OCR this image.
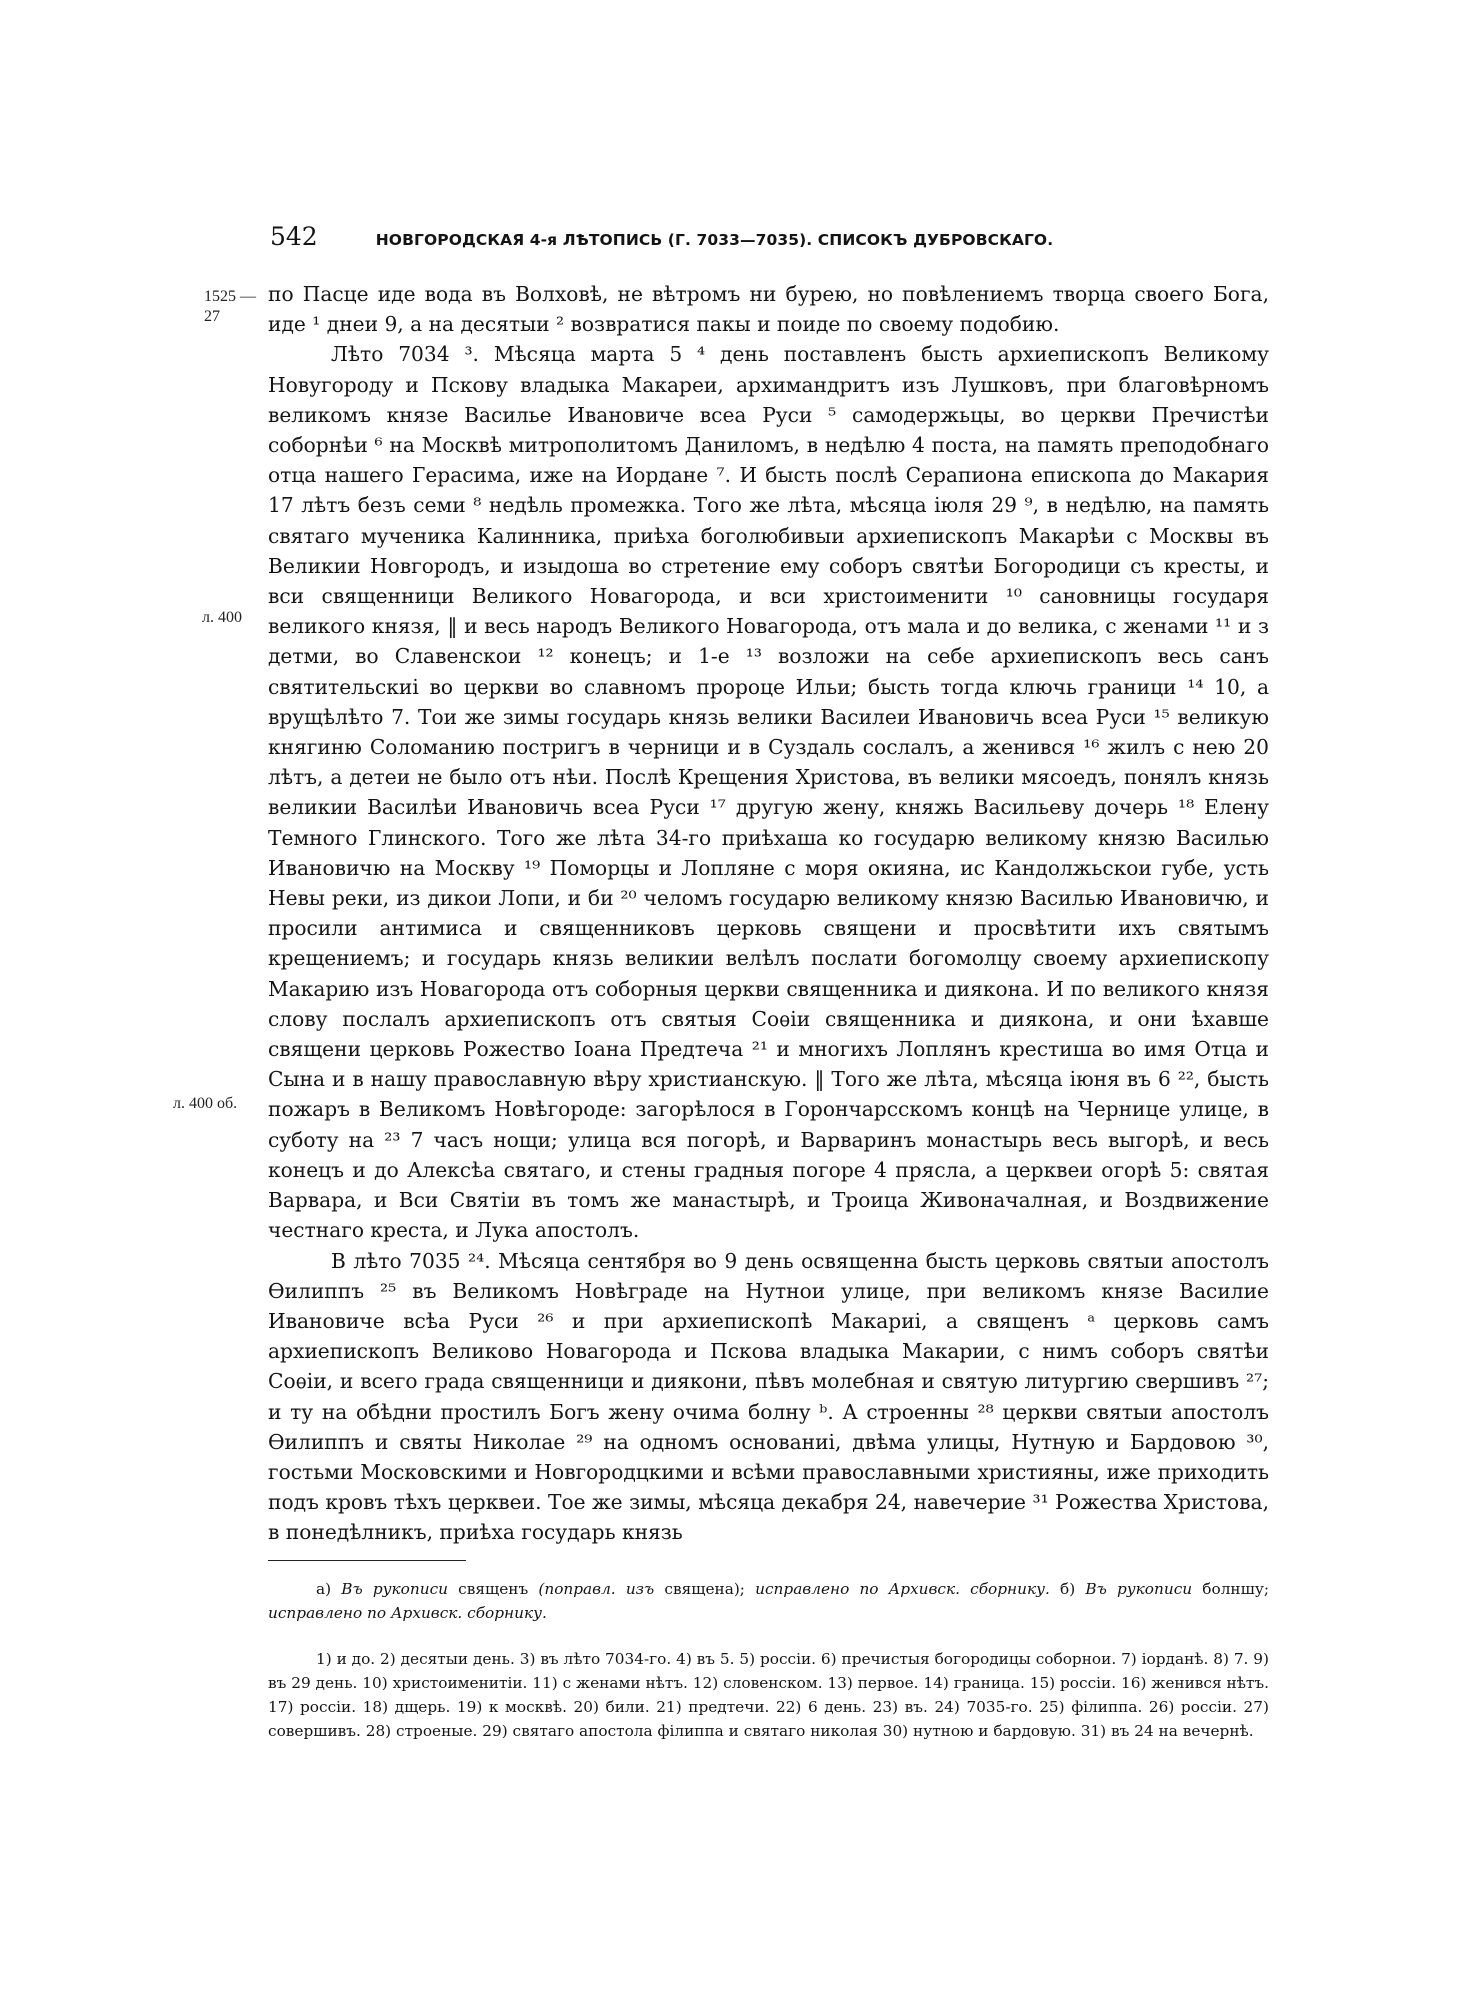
542	НОВГОРОДСКАЯ 4-я ЛѢТОПИСЬ (Г. 7033—7035). СПИСОКЪ ДУБРОВСКАГО.
1525 —27
л. 400
л. 400 об.

по Пасце иде вода въ Волховѣ, не вѣтромъ ни бурею, но повѣлениемъ творца своего Бога, иде ¹ днеи 9, а на десятыи ² возвратися пакы и поиде по своему подобию.

Лѣто 7034 ³. Мѣсяца марта 5 ⁴ день поставленъ бысть архиепископъ Великому Новугороду и Пскову владыка Макареи, архимандритъ изъ Лушковъ, при благовѣрномъ великомъ князе Василье Ивановиче всеа Руси ⁵ самодержьцы, во церкви Пречистѣи соборнѣи ⁶ на Москвѣ митрополитомъ Даниломъ, в недѣлю 4 поста, на память преподобнаго отца нашего Герасима, иже на Иордане ⁷. И бысть послѣ Серапиона епископа до Макария 17 лѣтъ безъ семи ⁸ недѣль промежка. Того же лѣта, мѣсяца iюля 29 ⁹, в недѣлю, на память святаго мученика Калинника, приѣха боголюбивыи архиепископъ Макарѣи с Москвы въ Великии Новгородъ, и изыдоша во стретение ему соборъ святѣи Богородици съ кресты, и вси священници Великого Новагорода, и вси христоименити ¹⁰ сановницы государя великого князя, ‖ и весь народъ Великого Новагорода, отъ мала и до велика, с женами ¹¹ и з детми, во Славенскои ¹² конецъ; и 1-е ¹³ возложи на себе архиепископъ весь санъ святительскиi во церкви во славномъ пророце Ильи; бысть тогда ключь граници ¹⁴ 10, а врущѣлѣто 7. Тои же зимы государь князь велики Василеи Ивановичь всеа Руси ¹⁵ великую княгиню Соломанию постригъ в черници и в Суздаль сослалъ, а женився ¹⁶ жилъ с нею 20 лѣтъ, а детеи не было отъ нѣи. Послѣ Крещения Христова, въ велики мясоедъ, понялъ князь великии Василѣи Ивановичь всеа Руси ¹⁷ другую жену, княжь Васильеву дочерь ¹⁸ Елену Темного Глинского. Того же лѣта 34-го приѣхаша ко государю великому князю Василью Ивановичю на Москву ¹⁹ Поморцы и Лопляне с моря окияна, ис Кандолжьскои губе, усть Невы реки, из дикои Лопи, и би ²⁰ челомъ государю великому князю Василью Ивановичю, и просили антимиса и священниковъ церковь священи и просвѣтити ихъ святымъ крещениемъ; и государь князь великии велѣлъ послати богомолцу своему архиепископу Макарию изъ Новагорода отъ соборныя церкви священника и диякона. И по великого князя слову послалъ архиепископъ отъ святыя Соѳiи священника и диякона, и они ѣхавше священи церковь Рожество Iоана Предтеча ²¹ и многихъ Лоплянъ крестиша во имя Отца и Сына и в нашу православную вѣру христианскую. ‖ Того же лѣта, мѣсяца iюня въ 6 ²², бысть пожаръ в Великомъ Новѣгороде: загорѣлося в Горончарсскомъ концѣ на Чернице улице, в суботу на ²³ 7 часъ нощи; улица вся погорѣ, и Варваринъ монастырь весь выгорѣ, и весь конецъ и до Алексѣа святаго, и стены градныя погоре 4 прясла, а церквеи огорѣ 5: святая Варвара, и Вси Святiи въ томъ же манастырѣ, и Троица Живоначалная, и Воздвижение честнаго креста, и Лука апостолъ.

В лѣто 7035 ²⁴. Мѣсяца сентября во 9 день освященна бысть церковь святыи апостолъ Ѳилиппъ ²⁵ въ Великомъ Новѣграде на Нутнои улице, при великомъ князе Василие Ивановиче всѣа Руси ²⁶ и при архиепископѣ Макариi, а священъ ᵃ церковь самъ архиепископъ Великово Новагорода и Пскова владыка Макарии, с нимъ соборъ святѣи Соѳiи, и всего града священници и диякони, пѣвъ молебная и святую литургию свершивъ ²⁷; и ту на обѣдни простилъ Богъ жену очима болну ᵇ. А строенны ²⁸ церкви святыи апостолъ Ѳилиппъ и святы Николае ²⁹ на одномъ основаниi, двѣма улицы, Нутную и Бардовою ³⁰, гостьми Московскими и Новгородцкими и всѣми православными християны, иже приходить подъ кровъ тѣхъ церквеи. Тое же зимы, мѣсяца декабря 24, навечерие ³¹ Рожества Христова, в понедѣлникъ, приѣха государь князь

а) Въ рукописи священъ (поправл. изъ священа); исправлено по Архивск. сборнику. б) Въ рукописи болншу; исправлено по Архивск. сборнику.
1) и до. 2) десятыи день. 3) въ лѣто 7034-го. 4) въ 5. 5) россiи. 6) пречистыя богородицы соборнои. 7) iорданѣ. 8) 7. 9) въ 29 день. 10) христоименитiи. 11) с женами нѣтъ. 12) словенском. 13) первое. 14) граница. 15) россiи. 16) женився нѣтъ. 17) россiи. 18) дщерь. 19) к москвѣ. 20) били. 21) предтечи. 22) 6 день. 23) въ. 24) 7035-го. 25) фiлиппа. 26) россiи. 27) совершивъ. 28) строеные. 29) святаго апостола фiлиппа и святаго николая 30) нутною и бардовую. 31) въ 24 на вечернѣ.
